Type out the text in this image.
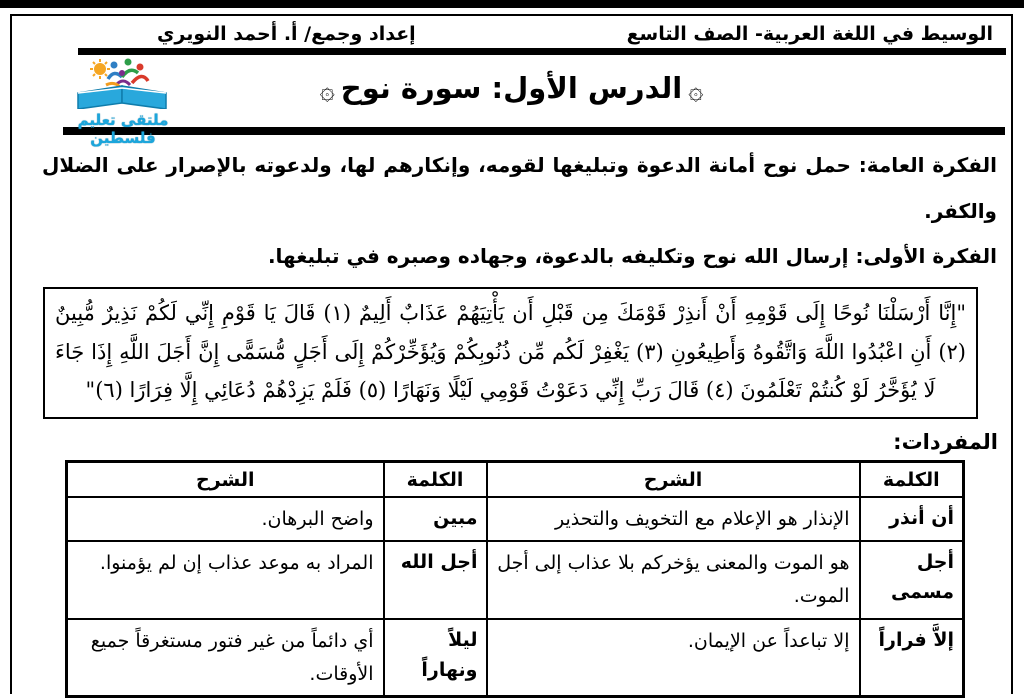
الوسيط في اللغة العربية- الصف التاسع
إعداد وجمع/ أ. أحمد النويري
ملتقى تعليم فلسطين
۞الدرس الأول: سورة نوح۞

الفكرة العامة: حمل نوح أمانة الدعوة وتبليغها لقومه، وإنكارهم لها، ولدعوته بالإصرار على الضلال والكفر.

الفكرة الأولى: إرسال الله نوح وتكليفه بالدعوة، وجهاده وصبره في تبليغها.

"إِنَّا أَرْسَلْنَا نُوحًا إِلَى قَوْمِهِ أَنْ أَنذِرْ قَوْمَكَ مِن قَبْلِ أَن يَأْتِيَهُمْ عَذَابٌ أَلِيمٌ (١) قَالَ يَا قَوْمِ إِنِّي لَكُمْ نَذِيرٌ مُّبِينٌ (٢) أَنِ اعْبُدُوا اللَّهَ وَاتَّقُوهُ وَأَطِيعُونِ (٣) يَغْفِرْ لَكُم مِّن ذُنُوبِكُمْ وَيُؤَخِّرْكُمْ إِلَى أَجَلٍ مُّسَمًّى إِنَّ أَجَلَ اللَّهِ إِذَا جَاءَ لَا يُؤَخَّرُ لَوْ كُنتُمْ تَعْلَمُونَ (٤) قَالَ رَبِّ إِنِّي دَعَوْتُ قَوْمِي لَيْلًا وَنَهَارًا (٥) فَلَمْ يَزِدْهُمْ دُعَائِي إِلَّا فِرَارًا (٦)"

المفردات:
الكلمة	الشرح	الكلمة	الشرح
أن أنذر	الإنذار هو الإعلام مع التخويف والتحذير	مبين	واضح البرهان.
أجل مسمى	هو الموت والمعنى يؤخركم بلا عذاب إلى أجل الموت.	أجل الله	المراد به موعد عذاب إن لم يؤمنوا.
إلاَّ فراراً	إلا تباعداً عن الإيمان.	ليلاً ونهاراً	أي دائماً من غير فتور مستغرقاً جميع الأوقات.
